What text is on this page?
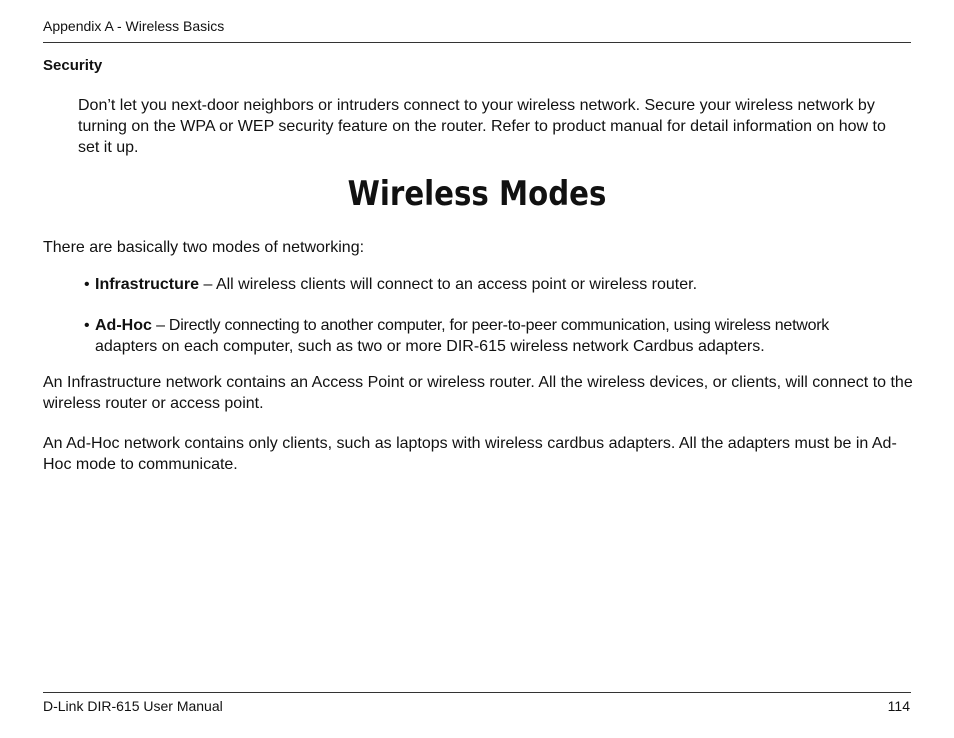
Appendix A - Wireless Basics
Security
Don’t let you next-door neighbors or intruders connect to your wireless network. Secure your wireless network by turning on the WPA or WEP security feature on the router. Refer to product manual for detail information on how to set it up.
Wireless Modes
There are basically two modes of networking:
• Infrastructure – All wireless clients will connect to an access point or wireless router.
• Ad-Hoc – Directly connecting to another computer, for peer-to-peer communication, using wireless network
adapters on each computer, such as two or more DIR-615 wireless network Cardbus adapters.
An Infrastructure network contains an Access Point or wireless router. All the wireless devices, or clients, will connect to the wireless router or access point.
An Ad-Hoc network contains only clients, such as laptops with wireless cardbus adapters. All the adapters must be in Ad-Hoc mode to communicate.
D-Link DIR-615 User Manual	114
